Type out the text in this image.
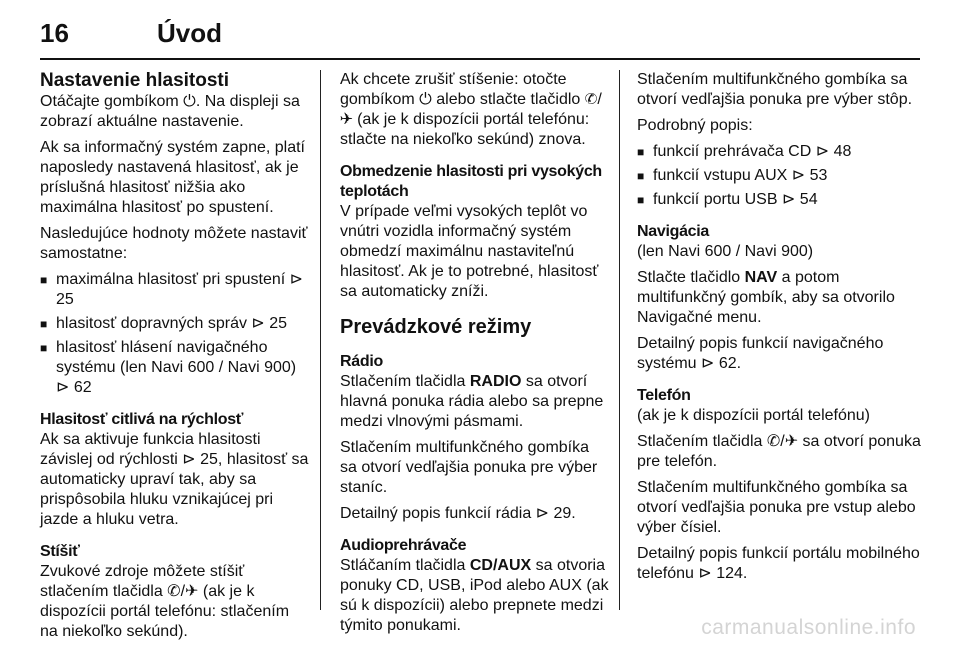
16	Úvod
Nastavenie hlasitosti

Otáčajte gombíkom ⏻. Na displeji sa zobrazí aktuálne nastavenie.

Ak sa informačný systém zapne, platí naposledy nastavená hlasitosť, ak je príslušná hlasitosť nižšia ako maximálna hlasitosť po spustení.

Nasledujúce hodnoty môžete nastaviť samostatne:

■ maximálna hlasitosť pri spustení ⊳ 25
■ hlasitosť dopravných správ ⊳ 25
■ hlasitosť hlásení navigačného systému (len Navi 600 / Navi 900) ⊳ 62
Hlasitosť citlivá na rýchlosť

Ak sa aktivuje funkcia hlasitosti závislej od rýchlosti ⊳ 25, hlasitosť sa automaticky upraví tak, aby sa prispôsobila hluku vznikajúcej pri jazde a hluku vetra.

Stíšiť

Zvukové zdroje môžete stíšiť stlačením tlačidla ✆/✈ (ak je k dispozícii portál telefónu: stlačením na niekoľko sekúnd).

Ak chcete zrušiť stíšenie: otočte gombíkom ⏻ alebo stlačte tlačidlo ✆/✈ (ak je k dispozícii portál telefónu: stlačte na niekoľko sekúnd) znova.

Obmedzenie hlasitosti pri vysokých teplotách

V prípade veľmi vysokých teplôt vo vnútri vozidla informačný systém obmedzí maximálnu nastaviteľnú hlasitosť. Ak je to potrebné, hlasitosť sa automaticky zníži.

Prevádzkové režimy
Rádio

Stlačením tlačidla RADIO sa otvorí hlavná ponuka rádia alebo sa prepne medzi vlnovými pásmami.

Stlačením multifunkčného gombíka sa otvorí vedľajšia ponuka pre výber staníc.

Detailný popis funkcií rádia ⊳ 29.

Audioprehrávače

Stláčaním tlačidla CD/AUX sa otvoria ponuky CD, USB, iPod alebo AUX (ak sú k dispozícii) alebo prepnete medzi týmito ponukami.

Stlačením multifunkčného gombíka sa otvorí vedľajšia ponuka pre výber stôp.

Podrobný popis:

■ funkcií prehrávača CD ⊳ 48
■ funkcií vstupu AUX ⊳ 53
■ funkcií portu USB ⊳ 54
Navigácia

(len Navi 600 / Navi 900)

Stlačte tlačidlo NAV a potom multifunkčný gombík, aby sa otvorilo Navigačné menu.

Detailný popis funkcií navigačného systému ⊳ 62.

Telefón

(ak je k dispozícii portál telefónu)

Stlačením tlačidla ✆/✈ sa otvorí ponuka pre telefón.

Stlačením multifunkčného gombíka sa otvorí vedľajšia ponuka pre vstup alebo výber čísiel.

Detailný popis funkcií portálu mobilného telefónu ⊳ 124.

carmanualsonline.info
